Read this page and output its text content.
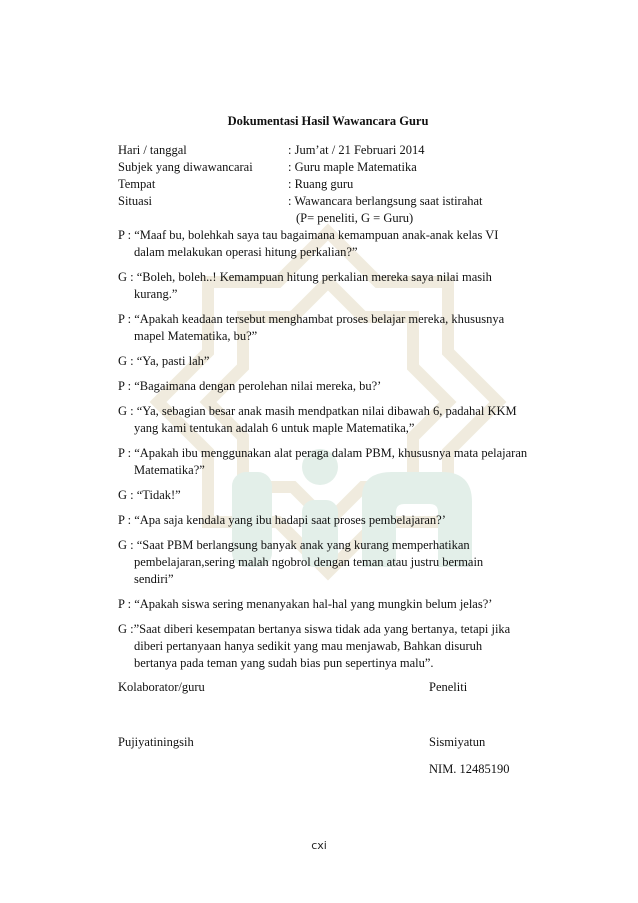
Dokumentasi Hasil Wawancara Guru
Hari / tanggal	: Jum’at / 21 Februari 2014
Subjek yang diwawancarai	: Guru maple Matematika
Tempat	: Ruang guru
Situasi	: Wawancara berlangsung saat istirahat
(P= peneliti, G = Guru)

P : “Maaf bu, bolehkah saya tau bagaimana kemampuan anak-anak kelas VI

dalam melakukan operasi hitung perkalian?”

G : “Boleh, boleh..! Kemampuan hitung perkalian mereka saya nilai masih

kurang.”

P : “Apakah keadaan tersebut menghambat proses belajar mereka, khususnya

mapel Matematika, bu?”

G : “Ya, pasti lah”

P : “Bagaimana dengan perolehan nilai mereka, bu?’

G : “Ya, sebagian besar anak masih mendpatkan nilai dibawah 6, padahal KKM

yang kami tentukan adalah 6 untuk maple Matematika,”

P : “Apakah ibu menggunakan alat peraga dalam PBM, khususnya mata pelajaran

Matematika?”

G : “Tidak!”

P : “Apa saja kendala yang ibu hadapi saat proses pembelajaran?’

G : “Saat PBM berlangsung banyak anak yang kurang memperhatikan

pembelajaran,sering malah ngobrol dengan teman atau justru bermain

sendiri”

P : “Apakah siswa sering menanyakan hal-hal yang mungkin belum jelas?’

G :”Saat diberi kesempatan bertanya siswa tidak ada yang bertanya, tetapi jika

diberi pertanyaan hanya sedikit yang mau menjawab, Bahkan disuruh

bertanya pada teman yang sudah bias pun sepertinya malu”.

Kolaborator/guru	Peneliti
Pujiyatiningsih	Sismiyatun
NIM. 12485190
cxi
